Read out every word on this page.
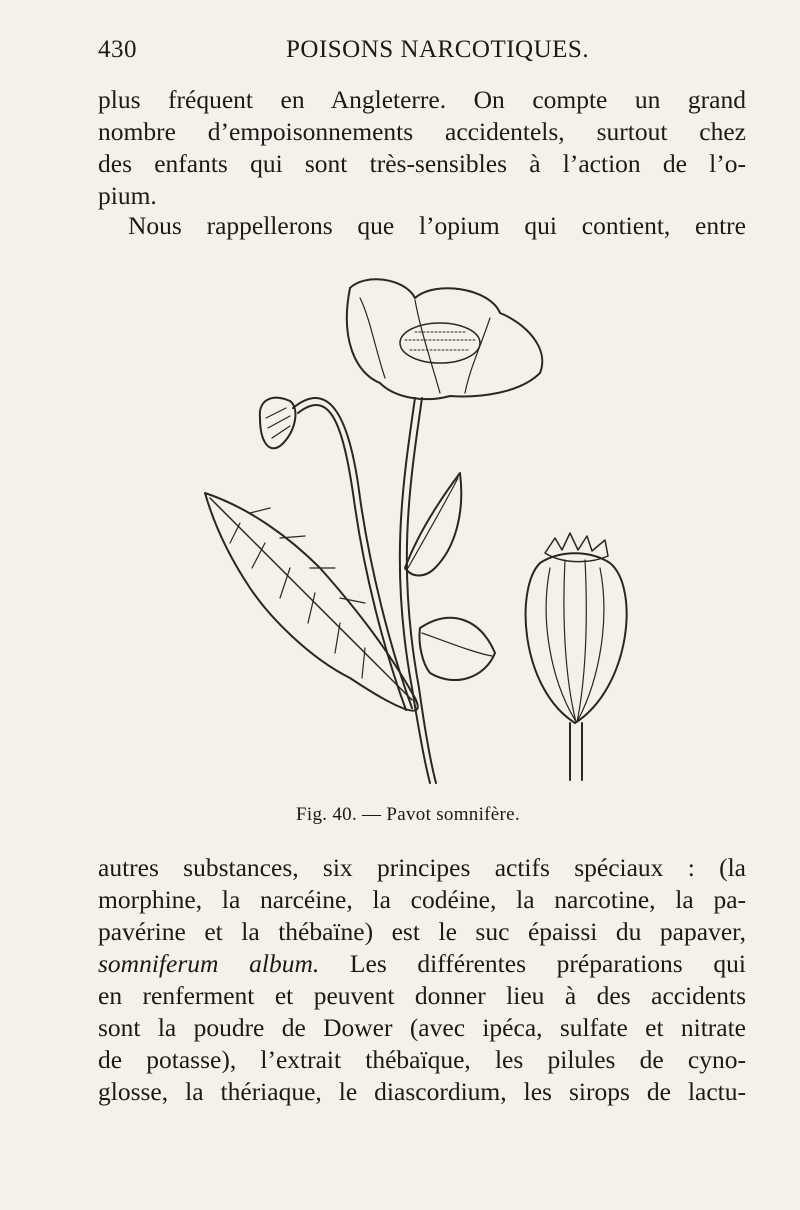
430	POISONS NARCOTIQUES.
plus fréquent en Angleterre. On compte un grand
nombre d’empoisonnements accidentels, surtout chez
des enfants qui sont très-sensibles à l’action de l’o-
pium.
Nous rappellerons que l’opium qui contient, entre
Fig. 40. — Pavot somnifère.
autres substances, six principes actifs spéciaux : (la
morphine, la narcéine, la codéine, la narcotine, la pa-
pavérine et la thébaïne) est le suc épaissi du papaver,
somniferum album. Les différentes préparations qui
en renferment et peuvent donner lieu à des accidents
sont la poudre de Dower (avec ipéca, sulfate et nitrate
de potasse), l’extrait thébaïque, les pilules de cyno-
glosse, la thériaque, le diascordium, les sirops de lactu-
